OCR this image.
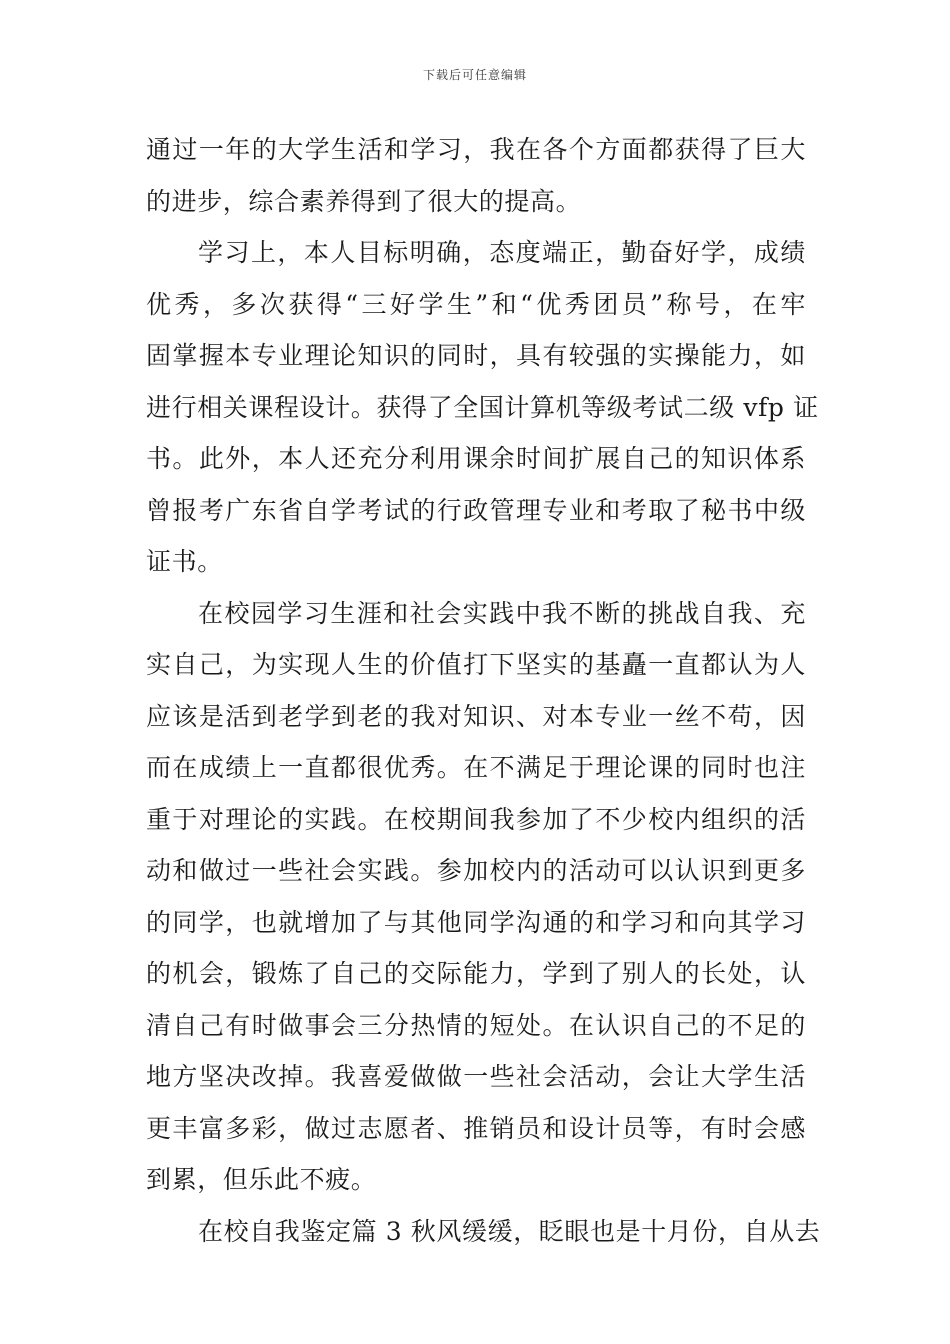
下载后可任意编辑
通过一年的大学生活和学习，我在各个方面都获得了巨大
的进步，综合素养得到了很大的提高。
学习上，本人目标明确，态度端正，勤奋好学，成绩
优秀，多次获得“三好学生”和“优秀团员”称号，在牢
固掌握本专业理论知识的同时，具有较强的实操能力，如
进行相关课程设计。获得了全国计算机等级考试二级 vfp 证
书。此外，本人还充分利用课余时间扩展自己的知识体系
曾报考广东省自学考试的行政管理专业和考取了秘书中级
证书。
在校园学习生涯和社会实践中我不断的挑战自我、充
实自己，为实现人生的价值打下坚实的基矗一直都认为人
应该是活到老学到老的我对知识、对本专业一丝不苟，因
而在成绩上一直都很优秀。在不满足于理论课的同时也注
重于对理论的实践。在校期间我参加了不少校内组织的活
动和做过一些社会实践。参加校内的活动可以认识到更多
的同学，也就增加了与其他同学沟通的和学习和向其学习
的机会，锻炼了自己的交际能力，学到了别人的长处，认
清自己有时做事会三分热情的短处。在认识自己的不足的
地方坚决改掉。我喜爱做做一些社会活动，会让大学生活
更丰富多彩，做过志愿者、推销员和设计员等，有时会感
到累，但乐此不疲。
在校自我鉴定篇 3 秋风缓缓，眨眼也是十月份，自从去
